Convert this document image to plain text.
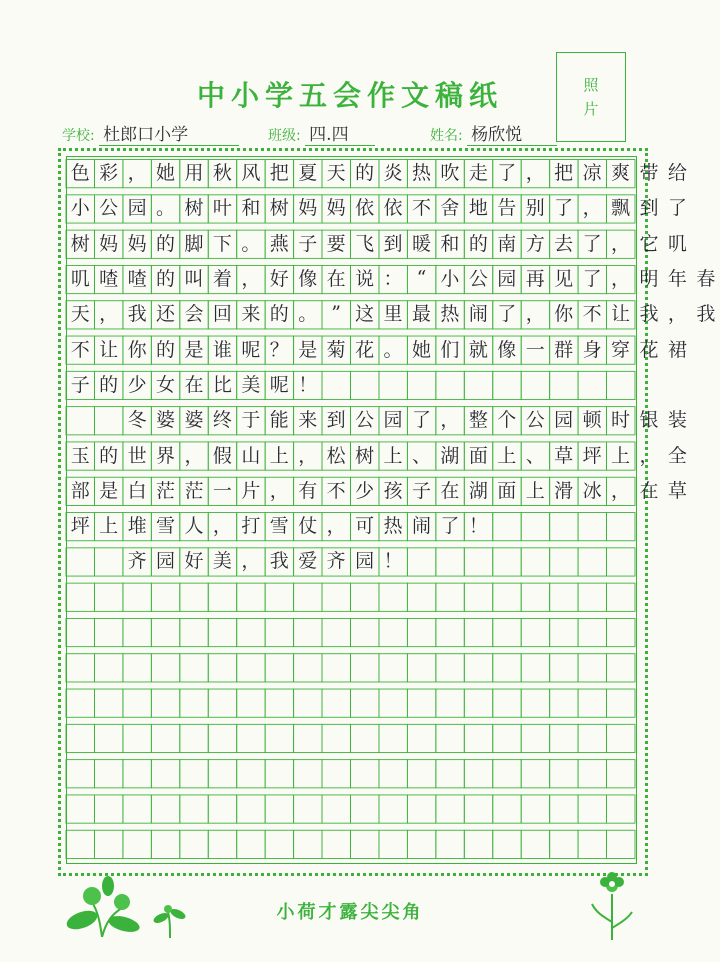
中小学五会作文稿纸	照
片
学校: 杜郎口小学	班级: 四.四	姓名: 杨欣悦
色 彩 ， 她 用 秋 风 把 夏 天 的 炎 热 吹 走 了 ， 把 凉 爽 带 给
小 公 园 。 树 叶 和 树 妈 妈 依 依 不 舍 地 告 别 了 ， 飘 到 了
树 妈 妈 的 脚 下 。 燕 子 要 飞 到 暖 和 的 南 方 去 了 ， 它 叽
叽 喳 喳 的 叫 着 ， 好 像 在 说 ： “ 小 公 园 再 见 了 ， 明 年 春
天 ， 我 还 会 回 来 的 。 ” 这 里 最 热 闹 了 ， 你 不 让 我 ， 我
不 让 你 的 是 谁 呢 ？ 是 菊 花 。 她 们 就 像 一 群 身 穿 花 裙
子 的 少 女 在 比 美 呢 ！

冬 婆 婆 终 于 能 来 到 公 园 了 ， 整 个 公 园 顿 时 银 装
玉 的 世 界 ， 假 山 上 ， 松 树 上 、 湖 面 上 、 草 坪 上 ， 全
部 是 白 茫 茫 一 片 ， 有 不 少 孩 子 在 湖 面 上 滑 冰 ， 在 草
坪 上 堆 雪 人 ， 打 雪 仗 ， 可 热 闹 了 ！

齐 园 好 美 ， 我 爱 齐 园 ！
小荷才露尖尖角
